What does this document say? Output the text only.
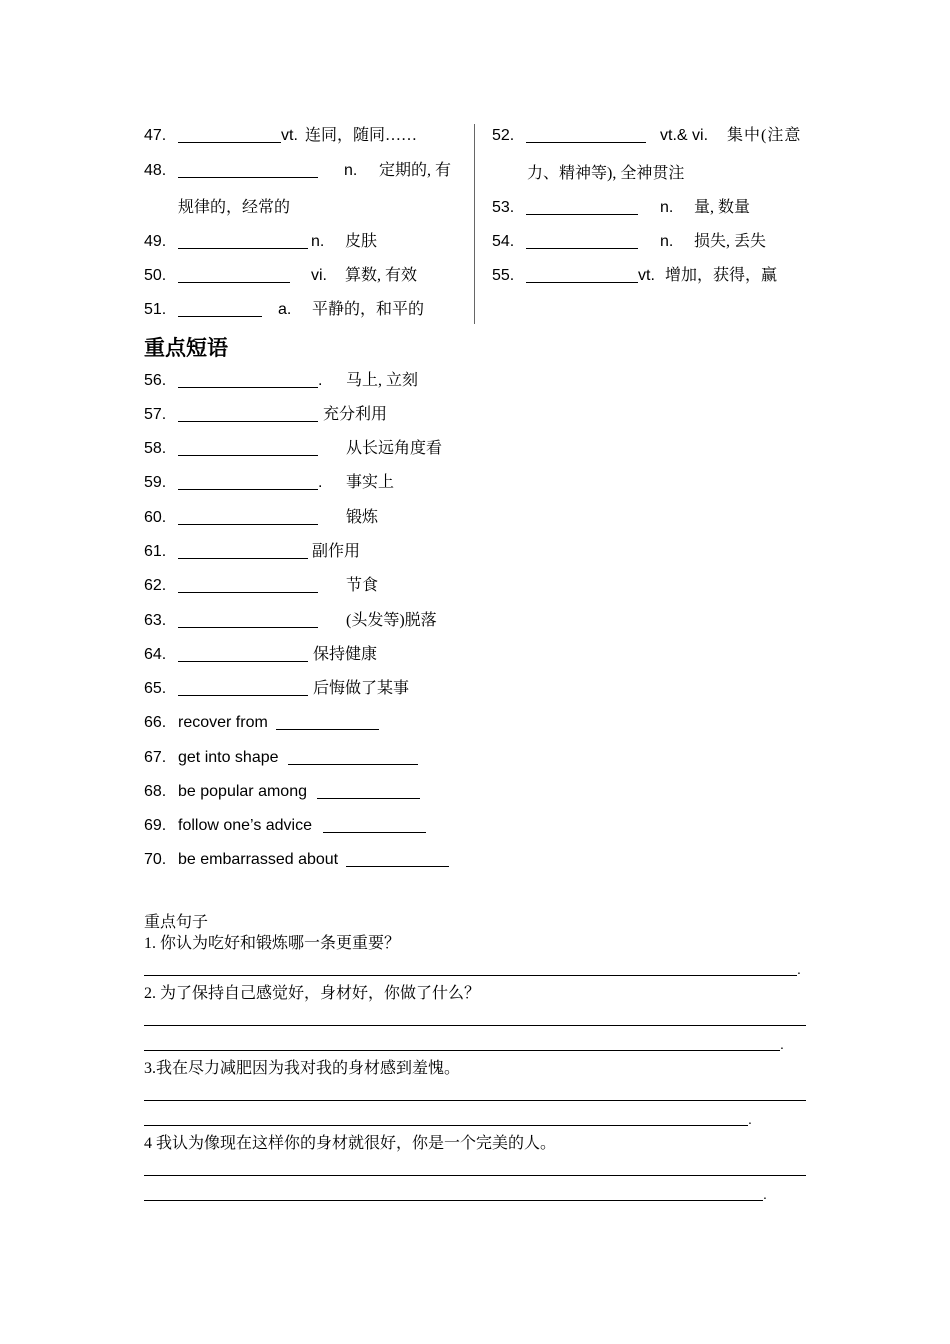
47.	vt. 连同，随同……
48.	n. 定期的, 有
规律的，经常的
49.	n. 皮肤
50.	vi. 算数, 有效
51.	a. 平静的，和平的
52.	vt.& vi. 集中(注意
力、精神等), 全神贯注
53.	n. 量, 数量
54.	n. 损失, 丢失
55.	vt. 增加，获得，赢
重点短语
56.	. 马上, 立刻
57.	充分利用
58.	从长远角度看
59.	. 事实上
60.	锻炼
61.	副作用
62.	节食
63.	(头发等)脱落
64.	保持健康
65.	后悔做了某事
66. recover from
67. get into shape
68. be popular among
69. follow one’s advice
70. be embarrassed about
重点句子
1. 你认为吃好和锻炼哪一条更重要？
.
2. 为了保持自己感觉好，身材好，你做了什么？
.
3.我在尽力减肥因为我对我的身材感到羞愧。
.
4 我认为像现在这样你的身材就很好，你是一个完美的人。
.
